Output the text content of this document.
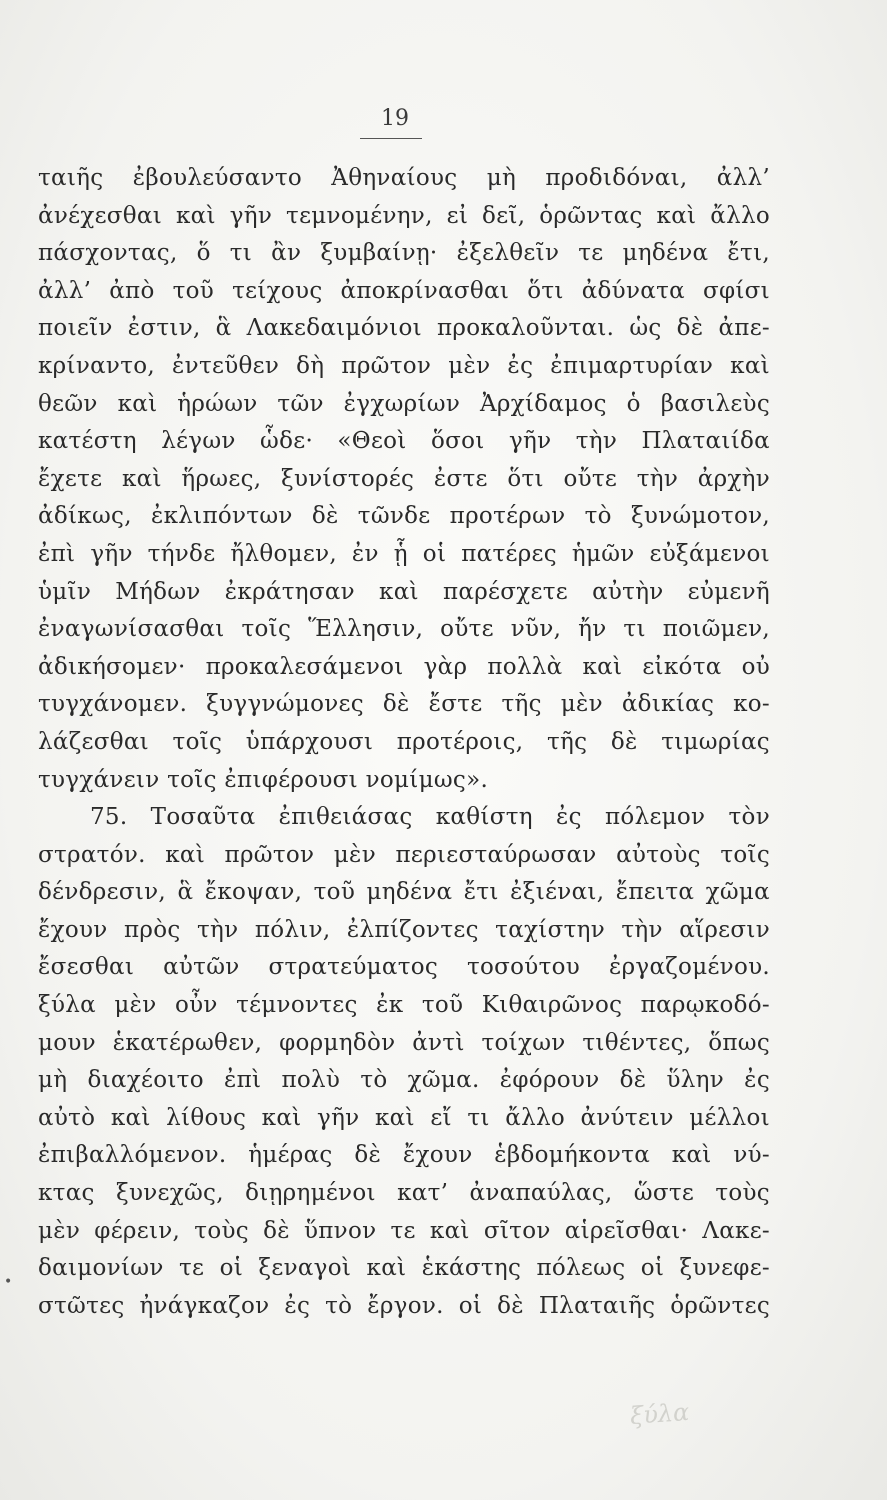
19
ταιῆς ἐβουλεύσαντο Ἀθηναίους μὴ προδιδόναι, ἀλλ’
ἀνέχεσθαι καὶ γῆν τεμνομένην, εἰ δεῖ, ὁρῶντας καὶ ἄλλο
πάσχοντας, ὅ τι ἂν ξυμβαίνῃ· ἐξελθεῖν τε μηδένα ἔτι,
ἀλλ’ ἀπὸ τοῦ τείχους ἀποκρίνασθαι ὅτι ἀδύνατα σφίσι
ποιεῖν ἐστιν, ἃ Λακεδαιμόνιοι προκαλοῦνται. ὡς δὲ ἀπε-
κρίναντο, ἐντεῦθεν δὴ πρῶτον μὲν ἐς ἐπιμαρτυρίαν καὶ
θεῶν καὶ ἡρώων τῶν ἐγχωρίων Ἀρχίδαμος ὁ βασιλεὺς
κατέστη λέγων ὧδε· «Θεοὶ ὅσοι γῆν τὴν Πλαταιίδα
ἔχετε καὶ ἥρωες, ξυνίστορές ἐστε ὅτι οὔτε τὴν ἀρχὴν
ἀδίκως, ἐκλιπόντων δὲ τῶνδε προτέρων τὸ ξυνώμοτον,
ἐπὶ γῆν τήνδε ἤλθομεν, ἐν ᾗ οἱ πατέρες ἡμῶν εὐξάμενοι
ὑμῖν Μήδων ἐκράτησαν καὶ παρέσχετε αὐτὴν εὐμενῆ
ἐναγωνίσασθαι τοῖς Ἕλλησιν, οὔτε νῦν, ἤν τι ποιῶμεν,
ἀδικήσομεν· προκαλεσάμενοι γὰρ πολλὰ καὶ εἰκότα οὐ
τυγχάνομεν. ξυγγνώμονες δὲ ἔστε τῆς μὲν ἀδικίας κο-
λάζεσθαι τοῖς ὑπάρχουσι προτέροις, τῆς δὲ τιμωρίας
τυγχάνειν τοῖς ἐπιφέρουσι νομίμως».
75. Τοσαῦτα ἐπιθειάσας καθίστη ἐς πόλεμον τὸν
στρατόν. καὶ πρῶτον μὲν περιεσταύρωσαν αὐτοὺς τοῖς
δένδρεσιν, ἃ ἔκοψαν, τοῦ μηδένα ἔτι ἐξιέναι, ἔπειτα χῶμα
ἔχουν πρὸς τὴν πόλιν, ἐλπίζοντες ταχίστην τὴν αἵρεσιν
ἔσεσθαι αὐτῶν στρατεύματος τοσούτου ἐργαζομένου.
ξύλα μὲν οὖν τέμνοντες ἐκ τοῦ Κιθαιρῶνος παρῳκοδό-
μουν ἑκατέρωθεν, φορμηδὸν ἀντὶ τοίχων τιθέντες, ὅπως
μὴ διαχέοιτο ἐπὶ πολὺ τὸ χῶμα. ἐφόρουν δὲ ὕλην ἐς
αὐτὸ καὶ λίθους καὶ γῆν καὶ εἴ τι ἄλλο ἀνύτειν μέλλοι
ἐπιβαλλόμενον. ἡμέρας δὲ ἔχουν ἑβδομήκοντα καὶ νύ-
κτας ξυνεχῶς, διῃρημένοι κατ’ ἀναπαύλας, ὥστε τοὺς
μὲν φέρειν, τοὺς δὲ ὕπνον τε καὶ σῖτον αἱρεῖσθαι· Λακε-
δαιμονίων τε οἱ ξεναγοὶ καὶ ἑκάστης πόλεως οἱ ξυνεφε-
στῶτες ἠνάγκαζον ἐς τὸ ἔργον. οἱ δὲ Πλαταιῆς ὁρῶντες
•
ξύλα
